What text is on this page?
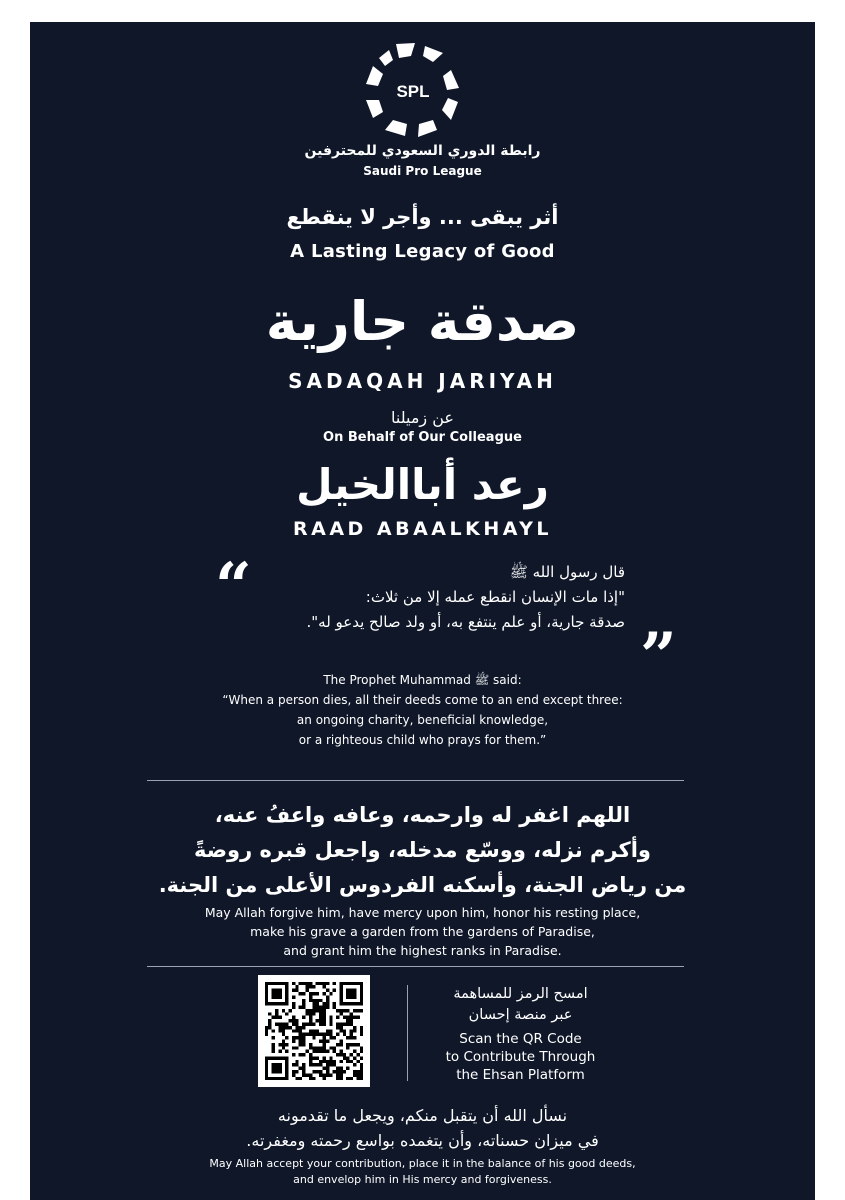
SPL
رابطة الدوري السعودي للمحترفين
Saudi Pro League
أثر يبقى ... وأجر لا ينقطع
A Lasting Legacy of Good
صدقة جارية
SADAQAH JARIYAH
عن زميلنا
On Behalf of Our Colleague
رعد أباالخيل
RAAD ABAALKHAYL
“	قال رسول الله ﷺ
"إذا مات الإنسان انقطع عمله إلا من ثلاث:
صدقة جارية، أو علم ينتفع به، أو ولد صالح يدعو له". ”
The Prophet Muhammad ﷺ said:
“When a person dies, all their deeds come to an end except three:
an ongoing charity, beneficial knowledge,
or a righteous child who prays for them.”
اللهم اغفر له وارحمه، وعافه واعفُ عنه،
وأكرم نزله، ووسّع مدخله، واجعل قبره روضةً
من رياض الجنة، وأسكنه الفردوس الأعلى من الجنة.
May Allah forgive him, have mercy upon him, honor his resting place,
make his grave a garden from the gardens of Paradise,
and grant him the highest ranks in Paradise.
امسح الرمز للمساهمة
عبر منصة إحسان
Scan the QR Code
to Contribute Through
the Ehsan Platform
نسأل الله أن يتقبل منكم، ويجعل ما تقدمونه
في ميزان حسناته، وأن يتغمده بواسع رحمته ومغفرته.
May Allah accept your contribution, place it in the balance of his good deeds,
and envelop him in His mercy and forgiveness.
